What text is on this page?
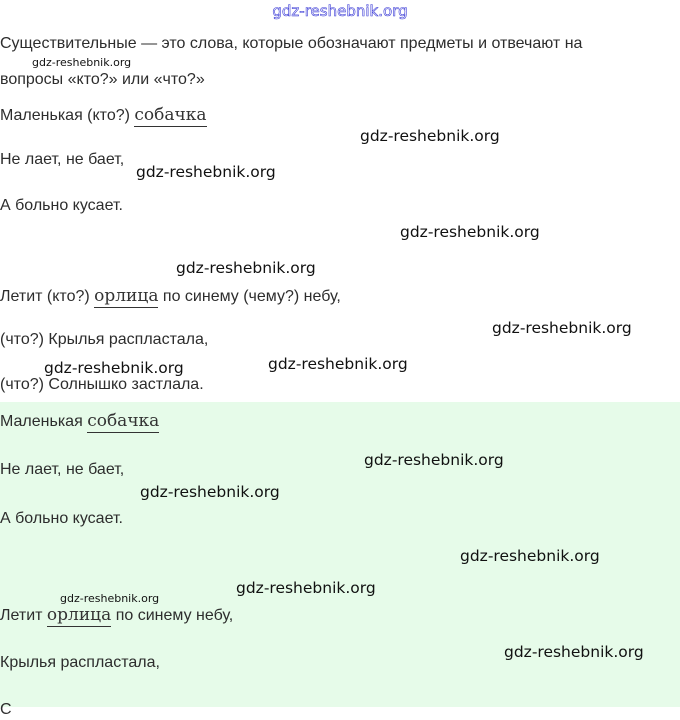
gdz-reshebnik.org
Существительные — это слова, которые обозначают предметы и отвечают на
вопросы «кто?» или «что?»
Маленькая (кто?) собачка
Не лает, не бает,
А больно кусает.
Летит (кто?) орлица по синему (чему?) небу,
(что?) Крылья распластала,
(что?) Солнышко застлала.
Маленькая собачка
Не лает, не бает,
А больно кусает.
Летит орлица по синему небу,
Крылья распластала,
С
gdz-reshebnik.org
gdz-reshebnik.org
gdz-reshebnik.org
gdz-reshebnik.org
gdz-reshebnik.org
gdz-reshebnik.org
gdz-reshebnik.org	gdz-reshebnik.org
gdz-reshebnik.org
gdz-reshebnik.org
gdz-reshebnik.org
gdz-reshebnik.org
gdz-reshebnik.org
gdz-reshebnik.org
